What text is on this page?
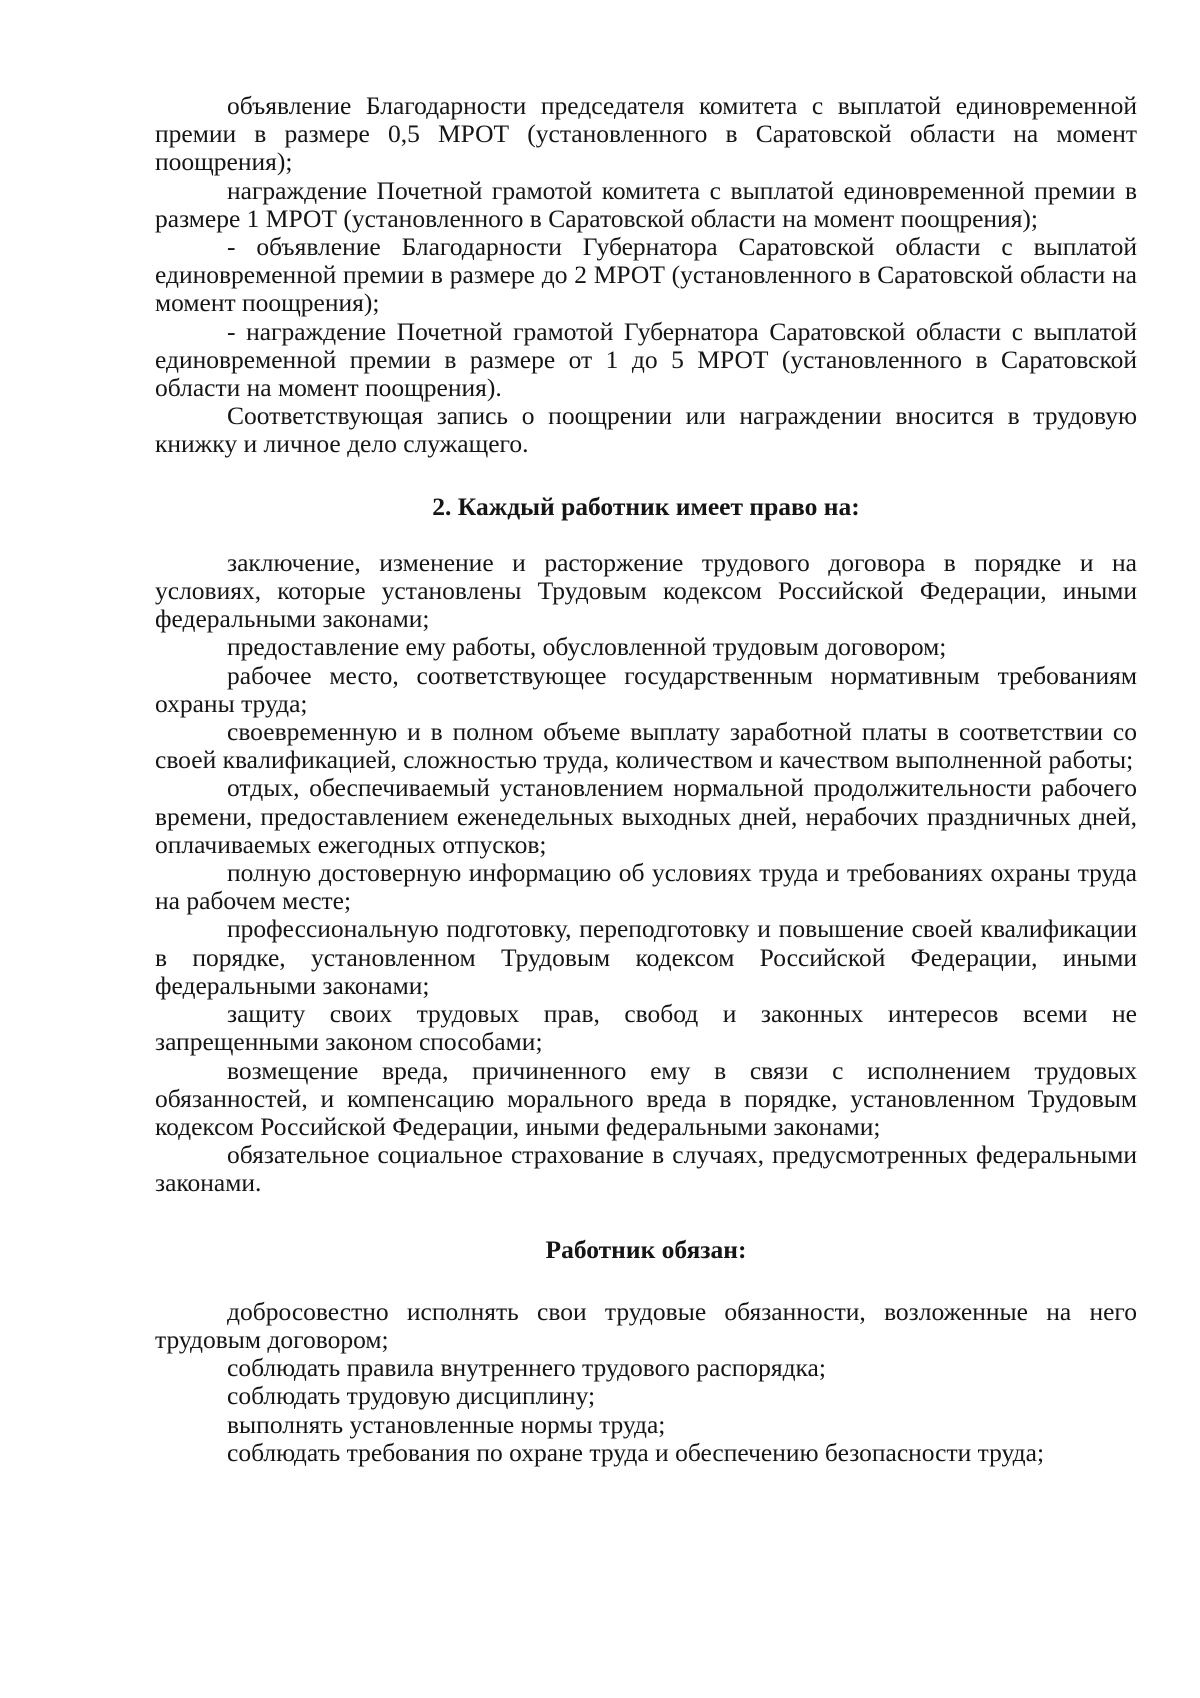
объявление Благодарности председателя комитета с выплатой единовременной премии в размере 0,5 МРОТ (установленного в Саратовской области на момент поощрения);

награждение Почетной грамотой комитета с выплатой единовременной премии в размере 1 МРОТ (установленного в Саратовской области на момент поощрения);

- объявление Благодарности Губернатора Саратовской области с выплатой единовременной премии в размере до 2 МРОТ (установленного в Саратовской области на момент поощрения);

- награждение Почетной грамотой Губернатора Саратовской области с выплатой единовременной премии в размере от 1 до 5 МРОТ (установленного в Саратовской области на момент поощрения).

Соответствующая запись о поощрении или награждении вносится в трудовую книжку и личное дело служащего.

2. Каждый работник имеет право на:

заключение, изменение и расторжение трудового договора в порядке и на условиях, которые установлены Трудовым кодексом Российской Федерации, иными федеральными законами;

предоставление ему работы, обусловленной трудовым договором;

рабочее место, соответствующее государственным нормативным требованиям охраны труда;

своевременную и в полном объеме выплату заработной платы в соответствии со своей квалификацией, сложностью труда, количеством и качеством выполненной работы;

отдых, обеспечиваемый установлением нормальной продолжительности рабочего времени, предоставлением еженедельных выходных дней, нерабочих праздничных дней, оплачиваемых ежегодных отпусков;

полную достоверную информацию об условиях труда и требованиях охраны труда на рабочем месте;

профессиональную подготовку, переподготовку и повышение своей квалификации в порядке, установленном Трудовым кодексом Российской Федерации, иными федеральными законами;

защиту своих трудовых прав, свобод и законных интересов всеми не запрещенными законом способами;

возмещение вреда, причиненного ему в связи с исполнением трудовых обязанностей, и компенсацию морального вреда в порядке, установленном Трудовым кодексом Российской Федерации, иными федеральными законами;

обязательное социальное страхование в случаях, предусмотренных федеральными законами.

Работник обязан:

добросовестно исполнять свои трудовые обязанности, возложенные на него трудовым договором;

соблюдать правила внутреннего трудового распорядка;

соблюдать трудовую дисциплину;

выполнять установленные нормы труда;

соблюдать требования по охране труда и обеспечению безопасности труда;
